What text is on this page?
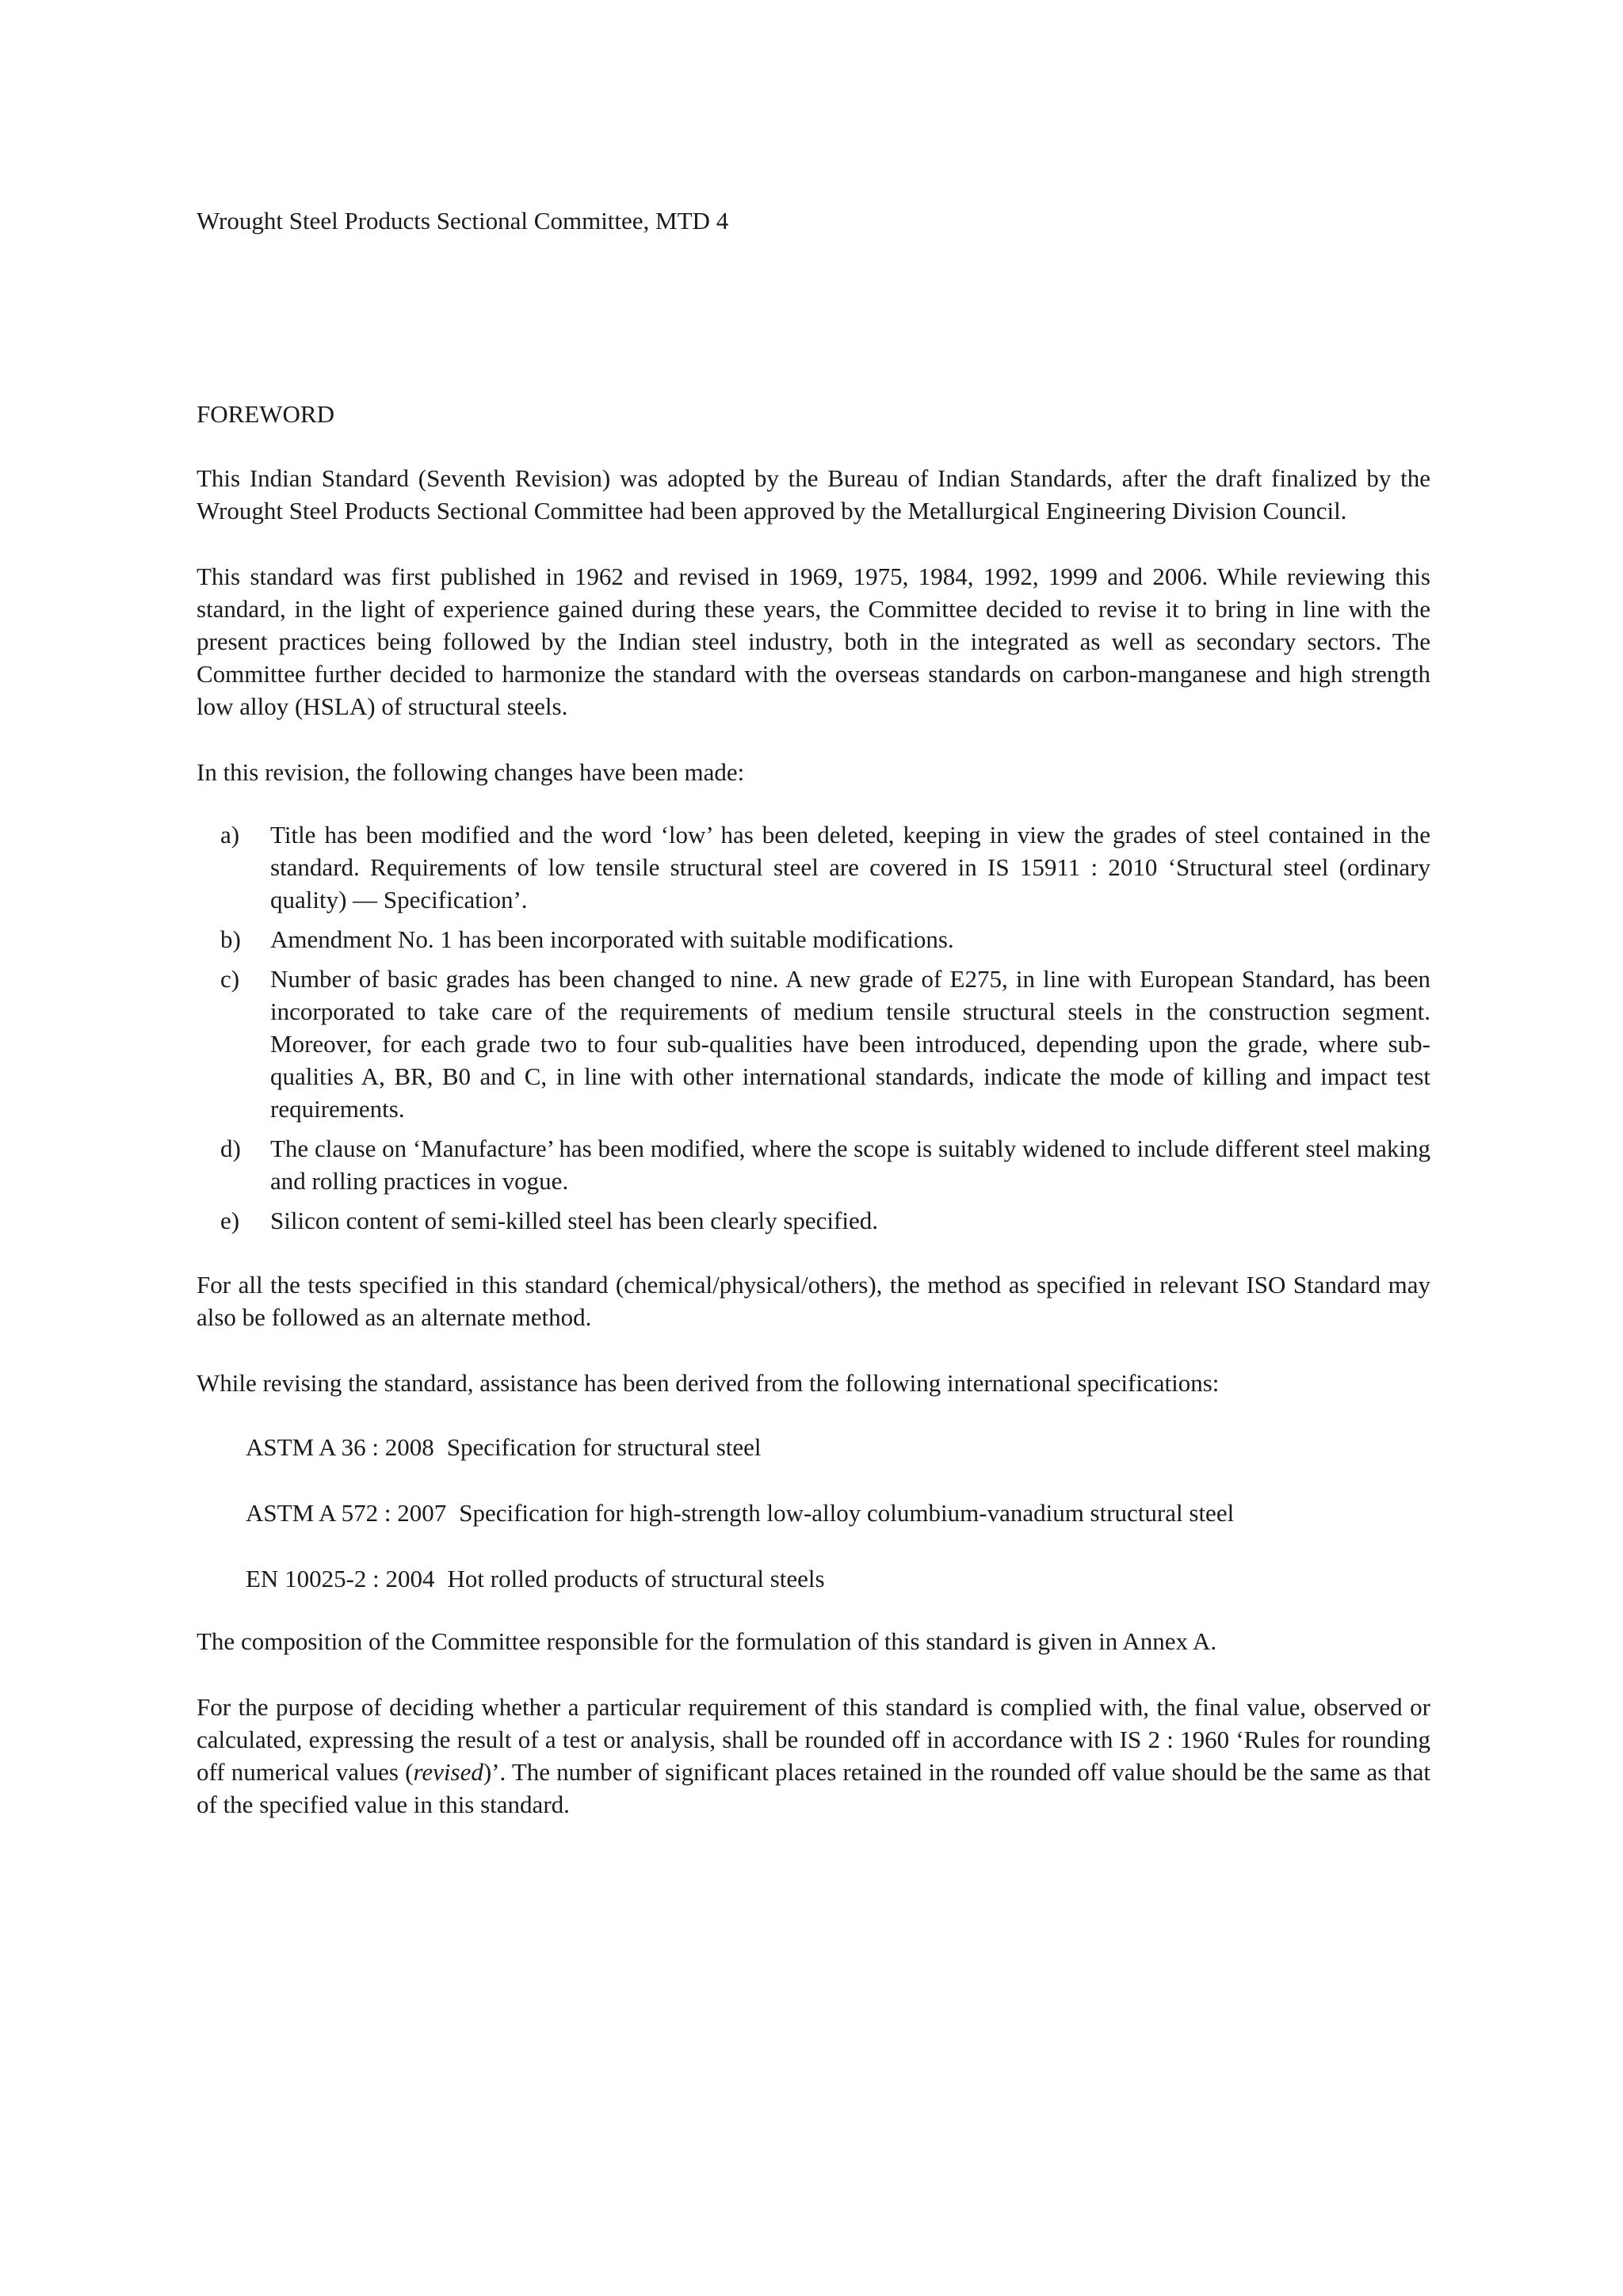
Wrought Steel Products Sectional Committee, MTD 4

FOREWORD

This Indian Standard (Seventh Revision) was adopted by the Bureau of Indian Standards, after the draft finalized by the Wrought Steel Products Sectional Committee had been approved by the Metallurgical Engineering Division Council.

This standard was first published in 1962 and revised in 1969, 1975, 1984, 1992, 1999 and 2006. While reviewing this standard, in the light of experience gained during these years, the Committee decided to revise it to bring in line with the present practices being followed by the Indian steel industry, both in the integrated as well as secondary sectors. The Committee further decided to harmonize the standard with the overseas standards on carbon-manganese and high strength low alloy (HSLA) of structural steels.

In this revision, the following changes have been made:

a) Title has been modified and the word ‘low’ has been deleted, keeping in view the grades of steel contained in the standard. Requirements of low tensile structural steel are covered in IS 15911 : 2010 ‘Structural steel (ordinary quality) — Specification’.
b) Amendment No. 1 has been incorporated with suitable modifications.
c) Number of basic grades has been changed to nine. A new grade of E275, in line with European Standard, has been incorporated to take care of the requirements of medium tensile structural steels in the construction segment. Moreover, for each grade two to four sub-qualities have been introduced, depending upon the grade, where sub-qualities A, BR, B0 and C, in line with other international standards, indicate the mode of killing and impact test requirements.
d) The clause on ‘Manufacture’ has been modified, where the scope is suitably widened to include different steel making and rolling practices in vogue.
e) Silicon content of semi-killed steel has been clearly specified.

For all the tests specified in this standard (chemical/physical/others), the method as specified in relevant ISO Standard may also be followed as an alternate method.

While revising the standard, assistance has been derived from the following international specifications:

ASTM A 36 : 2008 Specification for structural steel
ASTM A 572 : 2007 Specification for high-strength low-alloy columbium-vanadium structural steel
EN 10025-2 : 2004 Hot rolled products of structural steels

The composition of the Committee responsible for the formulation of this standard is given in Annex A.

For the purpose of deciding whether a particular requirement of this standard is complied with, the final value, observed or calculated, expressing the result of a test or analysis, shall be rounded off in accordance with IS 2 : 1960 ‘Rules for rounding off numerical values (revised)’. The number of significant places retained in the rounded off value should be the same as that of the specified value in this standard.
